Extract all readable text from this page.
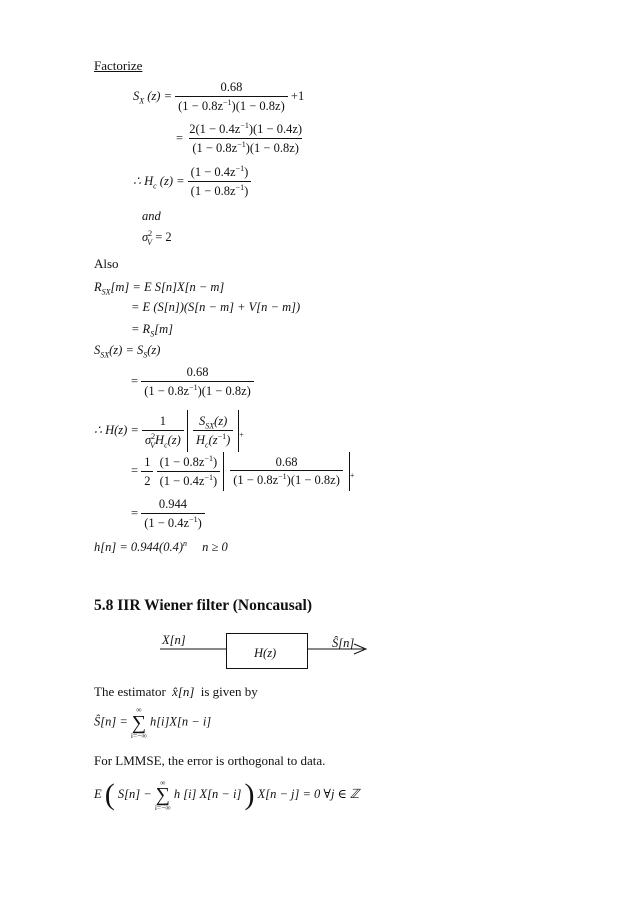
Factorize
$S_X$ $(z) = \frac{0.68}{(1 - 0.8z^{-1})(1 - 0.8z)} +1$
= $\frac{2(1 - 0.4z^{-1})(1 - 0.4z)}{(1 - 0.8z^{-1})(1 - 0.8z)}$
∴ $H_c$ $(z) = \frac{(1 - 0.4z^{-1})}{(1 - 0.8z^{-1})}$
and
$\sigma^2_V = 2$
Also
$R_{SX}[m] = E$ S[n]X[n − m]
= E (S[n])(S[n − m] + V[n − m])
= $R_S[m]$
$S_{SX}(z) = S_S(z)$
= $\frac{0.68}{(1 - 0.8z^{-1})(1 - 0.8z)}$
∴ $H(z) = \frac{1}{\sigma^2_VH_c(z)}$
$\frac{S_{SX}(z)}{H_c(z^{-1})} _+$
= $\frac{1}{2}$
$\frac{(1 - 0.8z^{-1})}{(1 - 0.4z^{-1})}$
$\frac{0.68}{(1 - 0.8z^{-1})(1 - 0.8z)} _+$
= $\frac{0.944}{(1 - 0.4z^{-1})}$
$h[n] = 0.944(0.4)^n$ n ≥ 0
5.8 IIR Wiener filter (Noncausal)
X[n]
H(z)
Ŝ[n]
The estimator x̂[n] is given by
Ŝ[n] =
∞
∑
i=−∞
h[i]X[n − i]
For LMMSE, the error is orthogonal to data.
E ( S[n] −
∞
∑
i=−∞
h [i] X[n − i] ) X[n − j] = 0 ∀j ∈ ℤ
